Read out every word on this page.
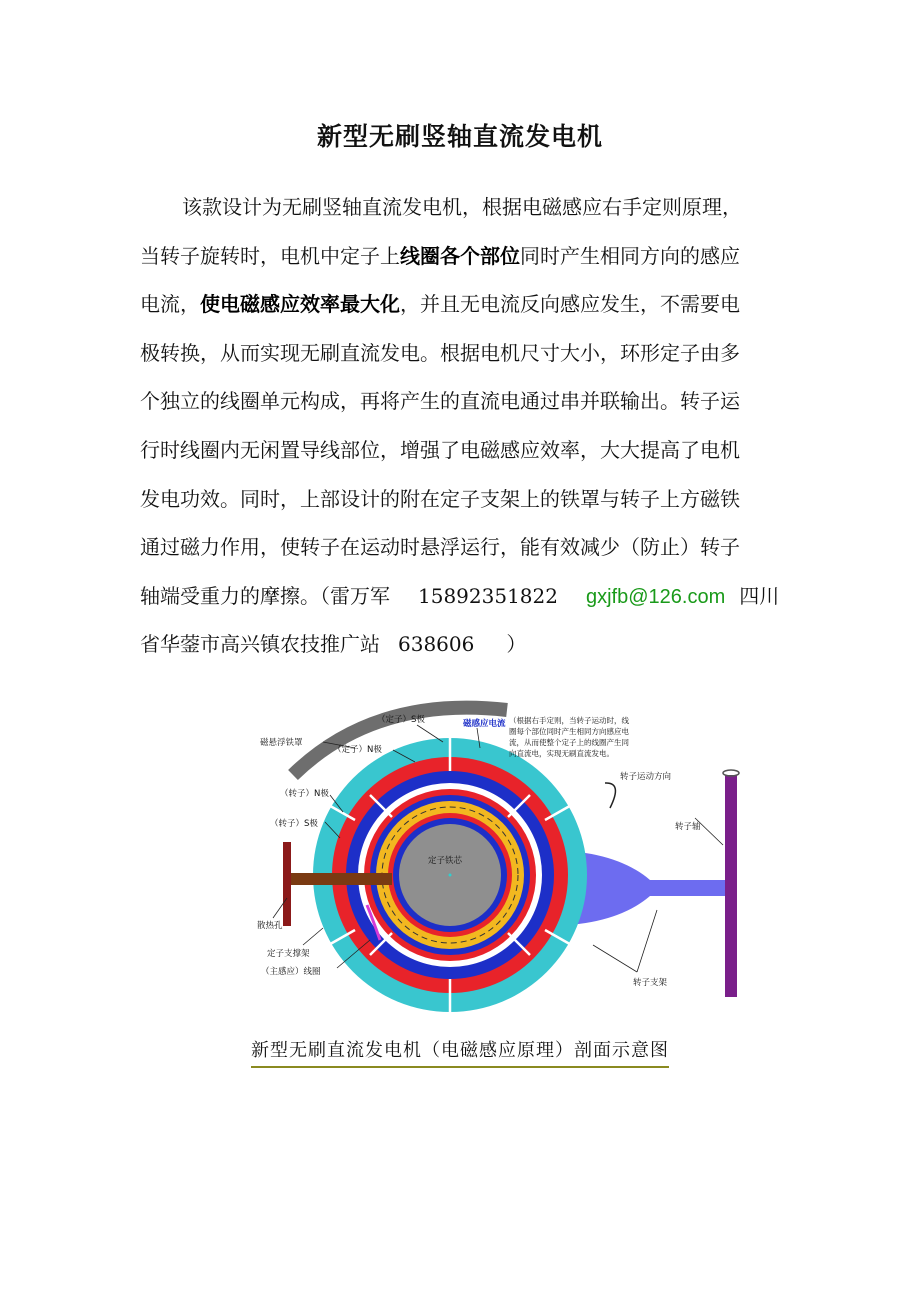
新型无刷竖轴直流发电机
该款设计为无刷竖轴直流发电机，根据电磁感应右手定则原理，
当转子旋转时，电机中定子上线圈各个部位同时产生相同方向的感应
电流，使电磁感应效率最大化，并且无电流反向感应发生，不需要电
极转换，从而实现无刷直流发电。根据电机尺寸大小，环形定子由多
个独立的线圈单元构成，再将产生的直流电通过串并联输出。转子运
行时线圈内无闲置导线部位，增强了电磁感应效率，大大提高了电机
发电功效。同时，上部设计的附在定子支架上的铁罩与转子上方磁铁
通过磁力作用，使转子在运动时悬浮运行，能有效减少（防止）转子
轴端受重力的摩擦。（雷万军 15892351822 gxjfb@126.com 四川
省华蓥市高兴镇农技推广站 638606 ）
磁悬浮铁罩
（定子）S极
（定子）N极
（转子）N极
（转子）S极
磁感应电流 （根据右手定则，当转子运动时，线
圈每个部位同时产生相同方向感应电
流，从而使整个定子上的线圈产生同
向直流电，实现无刷直流发电。
转子运动方向
转子轴
定子铁芯
散热孔
定子支撑架
（主感应）线圈
转子支架
新型无刷直流发电机（电磁感应原理）剖面示意图
